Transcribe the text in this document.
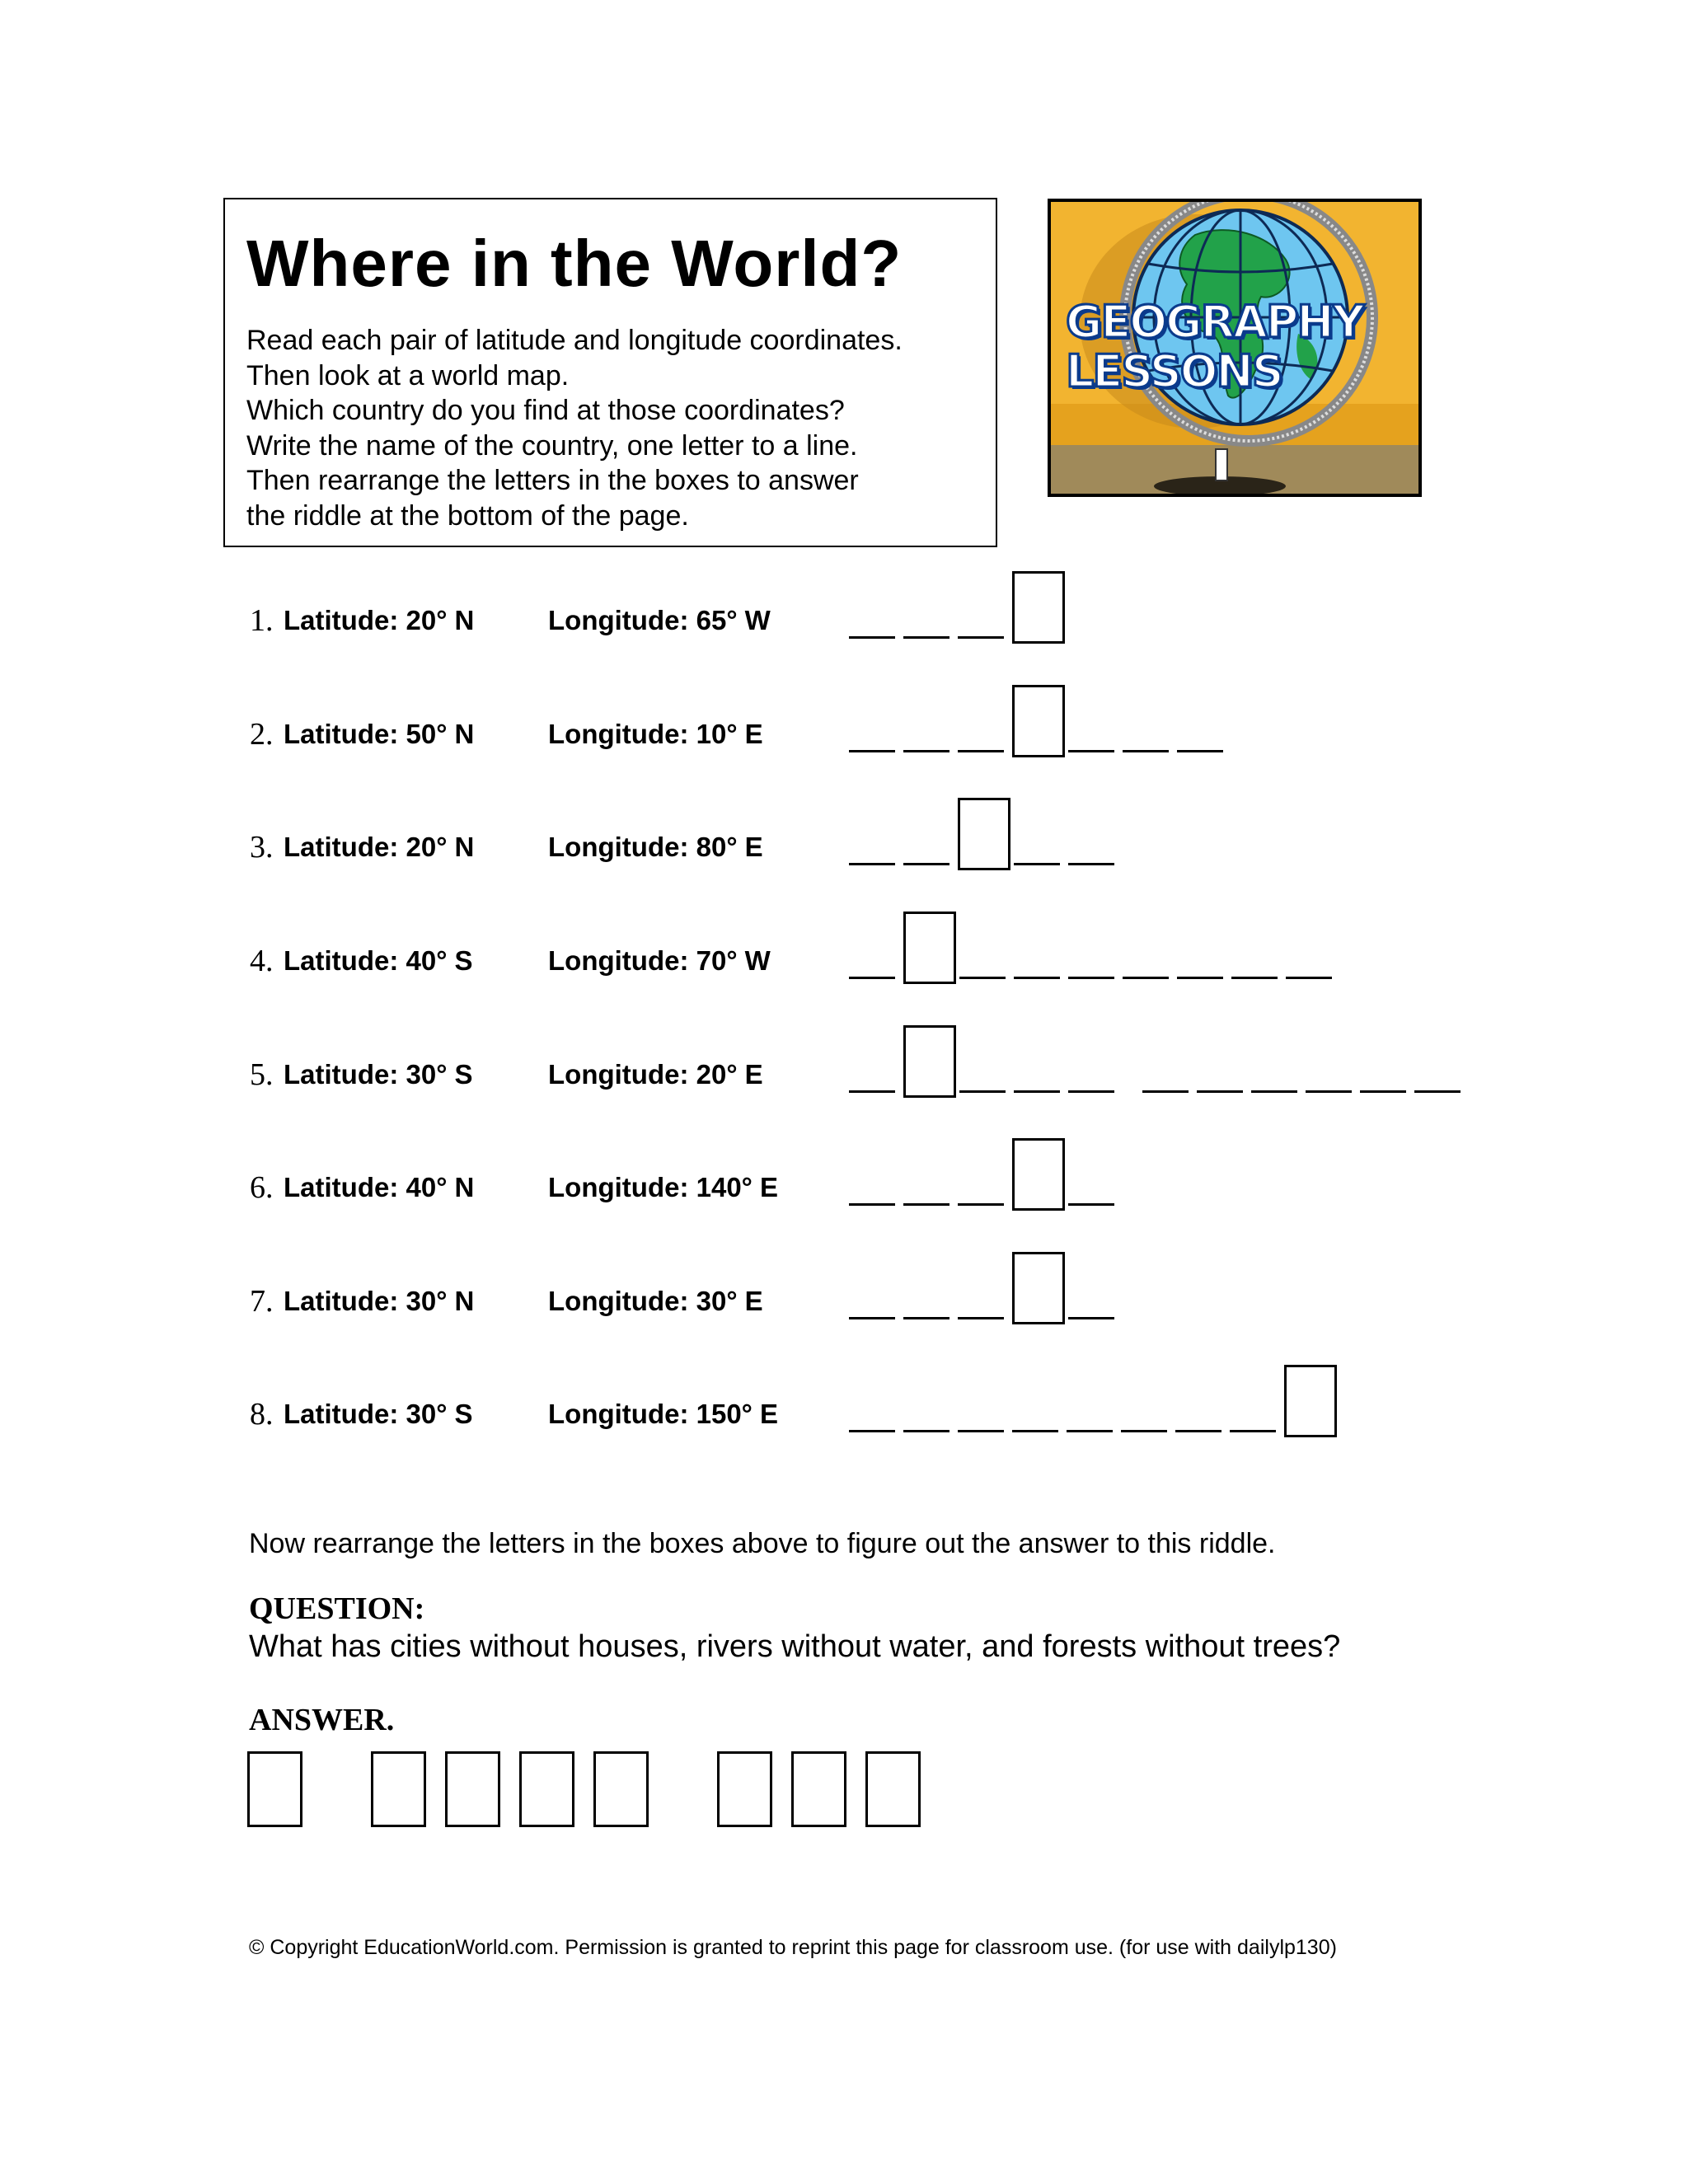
Where in the World?
Read each pair of latitude and longitude coordinates.
Then look at a world map.
Which country do you find at those coordinates?
Write the name of the country, one letter to a line.
Then rearrange the letters in the boxes to answer
the riddle at the bottom of the page.
GEOGRAPHY
LESSONS
1. Latitude: 20° N	Longitude: 65° W
2. Latitude: 50° N	Longitude: 10° E
3. Latitude: 20° N	Longitude: 80° E
4. Latitude: 40° S	Longitude: 70° W
5. Latitude: 30° S	Longitude: 20° E
6. Latitude: 40° N	Longitude: 140° E
7. Latitude: 30° N	Longitude: 30° E
8. Latitude: 30° S	Longitude: 150° E
Now rearrange the letters in the boxes above to figure out the answer to this riddle.
QUESTION:
What has cities without houses, rivers without water, and forests without trees?
ANSWER.
© Copyright EducationWorld.com. Permission is granted to reprint this page for classroom use. (for use with dailylp130)
